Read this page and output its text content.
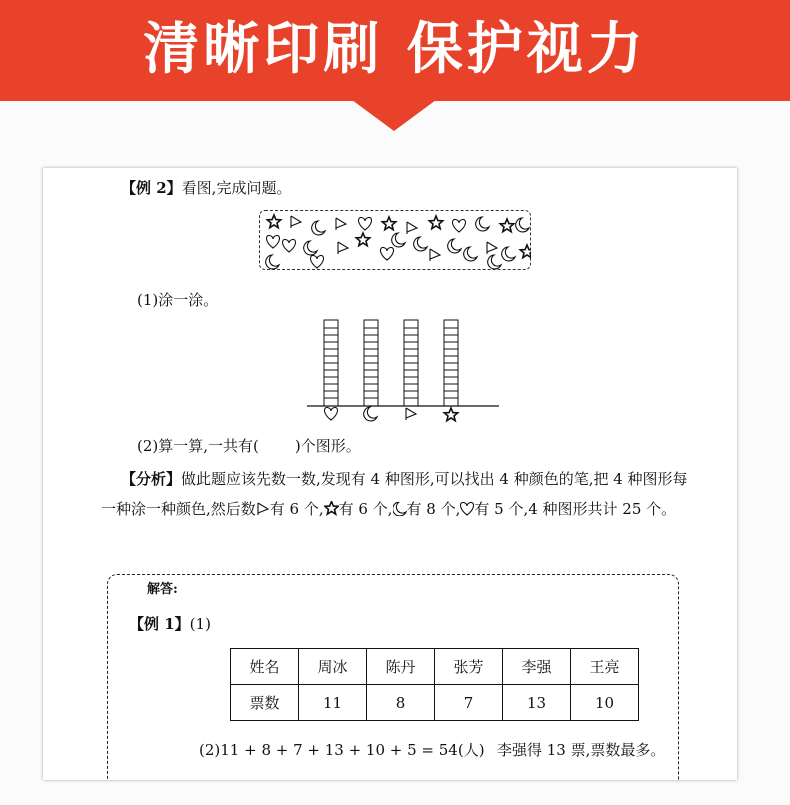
清晰印刷 保护视力
【例 2】看图,完成问题。
(1)涂一涂。
(2)算一算,一共有( )个图形。
【分析】做此题应该先数一数,发现有 4 种图形,可以找出 4 种颜色的笔,把 4 种图形每一种涂一种颜色,然后数 有 6 个, 有 6 个, 有 8 个, 有 5 个,4 种图形共计 25 个。
解答:
【例 1】(1)
姓名	周冰	陈丹	张芳	李强	王亮
票数	11	8	7	13	10
(2)11 + 8 + 7 + 13 + 10 + 5 = 54(人) 李强得 13 票,票数最多。
